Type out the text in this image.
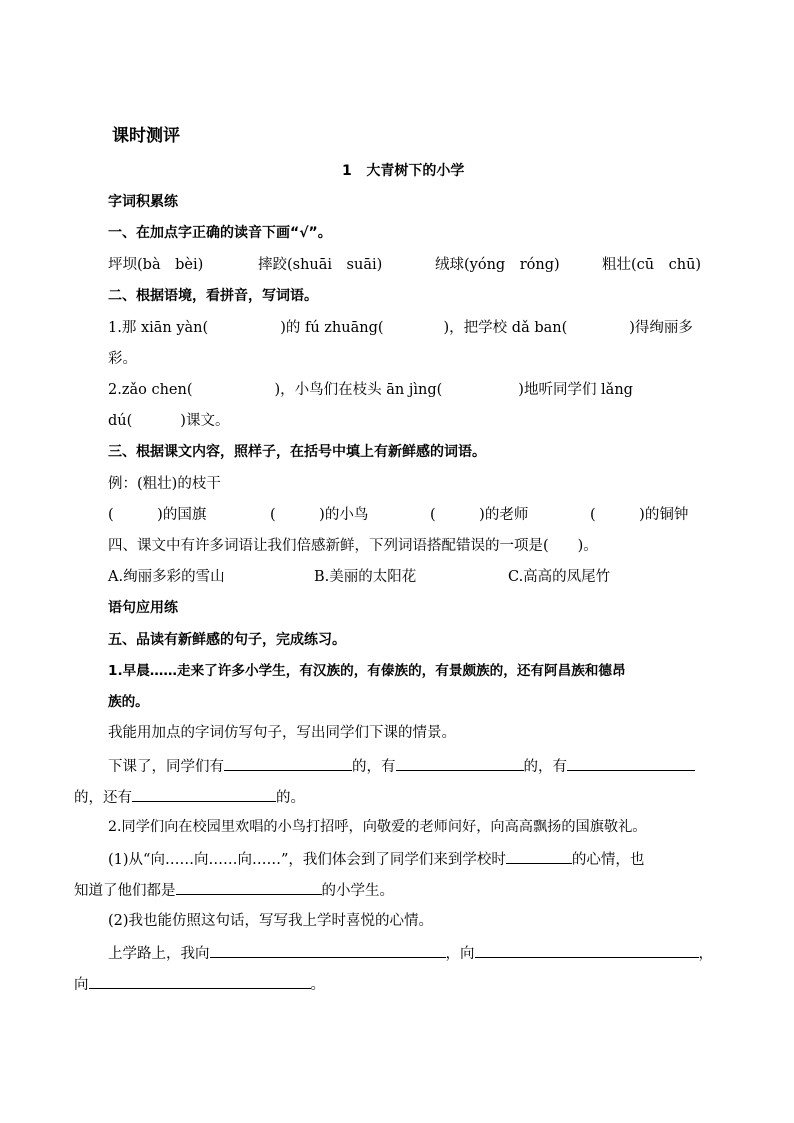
课时测评
1 大青树下的小学
字词积累练
一、在加点字正确的读音下画“√”。
坪坝(bà　bèi)	摔跤(shuāi　suāi)	绒球(yóng　róng)	粗壮(cū　chū)
二、根据语境，看拼音，写词语。
1.那 xiān yàn(	)的 fú zhuāng(	)，把学校 dǎ ban(	)得绚丽多
彩。
2.zǎo chen(	)，小鸟们在枝头 ān jìng(	)地听同学们 lǎng
dú(	)课文。
三、根据课文内容，照样子，在括号中填上有新鲜感的词语。
例：(粗壮)的枝干
(　　　)的国旗	(　　　)的小鸟	(　　　)的老师	(　　　)的铜钟
四、课文中有许多词语让我们倍感新鲜，下列词语搭配错误的一项是(　　)。
A.绚丽多彩的雪山	B.美丽的太阳花	C.高高的凤尾竹
语句应用练
五、品读有新鲜感的句子，完成练习。
1.早晨……走来了许多小学生，有汉族的，有傣族的，有景颇族的，还有阿昌族和德昂
族的。
我能用加点的字词仿写句子，写出同学们下课的情景。
下课了，同学们有	的，有	的，有
的，还有	的。
2.同学们向在校园里欢唱的小鸟打招呼，向敬爱的老师问好，向高高飘扬的国旗敬礼。
(1)从“向……向……向……”，我们体会到了同学们来到学校时	的心情，也
知道了他们都是	的小学生。
(2)我也能仿照这句话，写写我上学时喜悦的心情。
上学路上，我向	，向	，
向	。
